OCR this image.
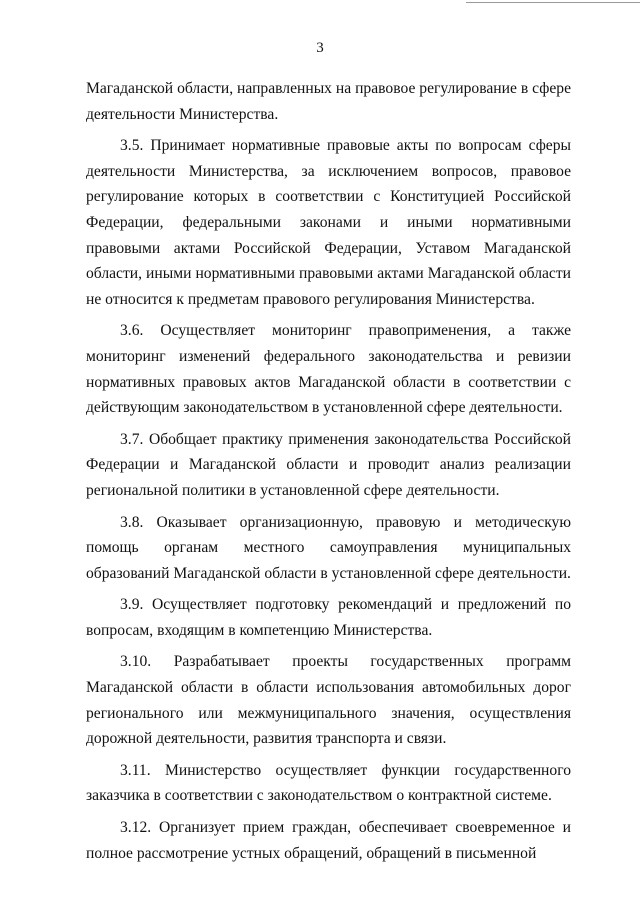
3

Магаданской области, направленных на правовое регулирование в сфере деятельности Министерства.

3.5. Принимает нормативные правовые акты по вопросам сферы деятельности Министерства, за исключением вопросов, правовое регулирование которых в соответствии с Конституцией Российской Федерации, федеральными законами и иными нормативными правовыми актами Российской Федерации, Уставом Магаданской области, иными нормативными правовыми актами Магаданской области не относится к предметам правового регулирования Министерства.

3.6. Осуществляет мониторинг правоприменения, а также мониторинг изменений федерального законодательства и ревизии нормативных правовых актов Магаданской области в соответствии с действующим законодательством в установленной сфере деятельности.

3.7. Обобщает практику применения законодательства Российской Федерации и Магаданской области и проводит анализ реализации региональной политики в установленной сфере деятельности.

3.8. Оказывает организационную, правовую и методическую помощь органам местного самоуправления муниципальных образований Магаданской области в установленной сфере деятельности.

3.9. Осуществляет подготовку рекомендаций и предложений по вопросам, входящим в компетенцию Министерства.

3.10. Разрабатывает проекты государственных программ Магаданской области в области использования автомобильных дорог регионального или межмуниципального значения, осуществления дорожной деятельности, развития транспорта и связи.

3.11. Министерство осуществляет функции государственного заказчика в соответствии с законодательством о контрактной системе.

3.12. Организует прием граждан, обеспечивает своевременное и полное рассмотрение устных обращений, обращений в письменной
